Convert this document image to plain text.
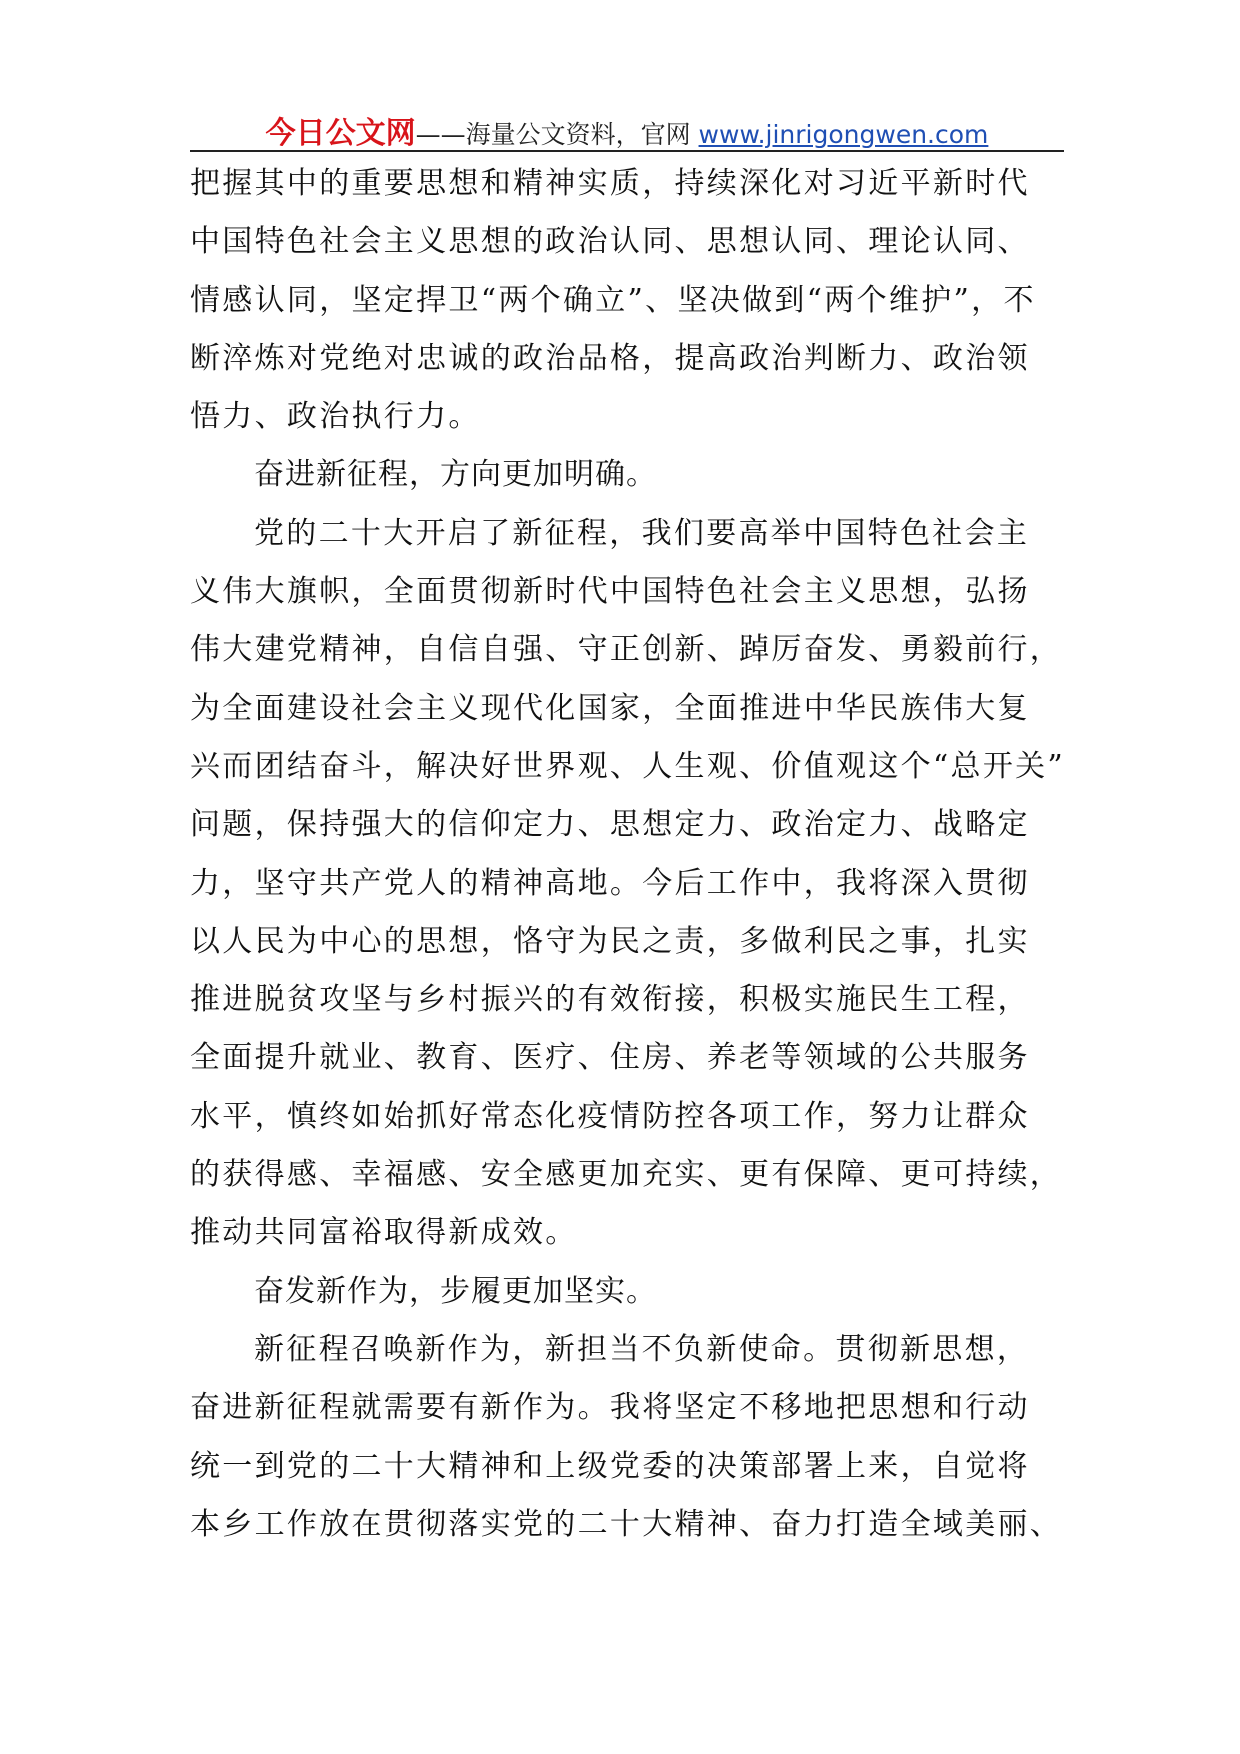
今日公文网——海量公文资料，官网 www.jinrigongwen.com

把握其中的重要思想和精神实质，持续深化对习近平新时代
中国特色社会主义思想的政治认同、思想认同、理论认同、
情感认同，坚定捍卫“两个确立”、坚决做到“两个维护”，不
断淬炼对党绝对忠诚的政治品格，提高政治判断力、政治领
悟力、政治执行力。

奋进新征程，方向更加明确。

党的二十大开启了新征程，我们要高举中国特色社会主
义伟大旗帜，全面贯彻新时代中国特色社会主义思想，弘扬
伟大建党精神，自信自强、守正创新、踔厉奋发、勇毅前行，
为全面建设社会主义现代化国家，全面推进中华民族伟大复
兴而团结奋斗，解决好世界观、人生观、价值观这个“总开关”
问题，保持强大的信仰定力、思想定力、政治定力、战略定
力，坚守共产党人的精神高地。今后工作中，我将深入贯彻
以人民为中心的思想，恪守为民之责，多做利民之事，扎实
推进脱贫攻坚与乡村振兴的有效衔接，积极实施民生工程，
全面提升就业、教育、医疗、住房、养老等领域的公共服务
水平，慎终如始抓好常态化疫情防控各项工作，努力让群众
的获得感、幸福感、安全感更加充实、更有保障、更可持续，
推动共同富裕取得新成效。

奋发新作为，步履更加坚实。

新征程召唤新作为，新担当不负新使命。贯彻新思想，
奋进新征程就需要有新作为。我将坚定不移地把思想和行动
统一到党的二十大精神和上级党委的决策部署上来，自觉将
本乡工作放在贯彻落实党的二十大精神、奋力打造全域美丽、
